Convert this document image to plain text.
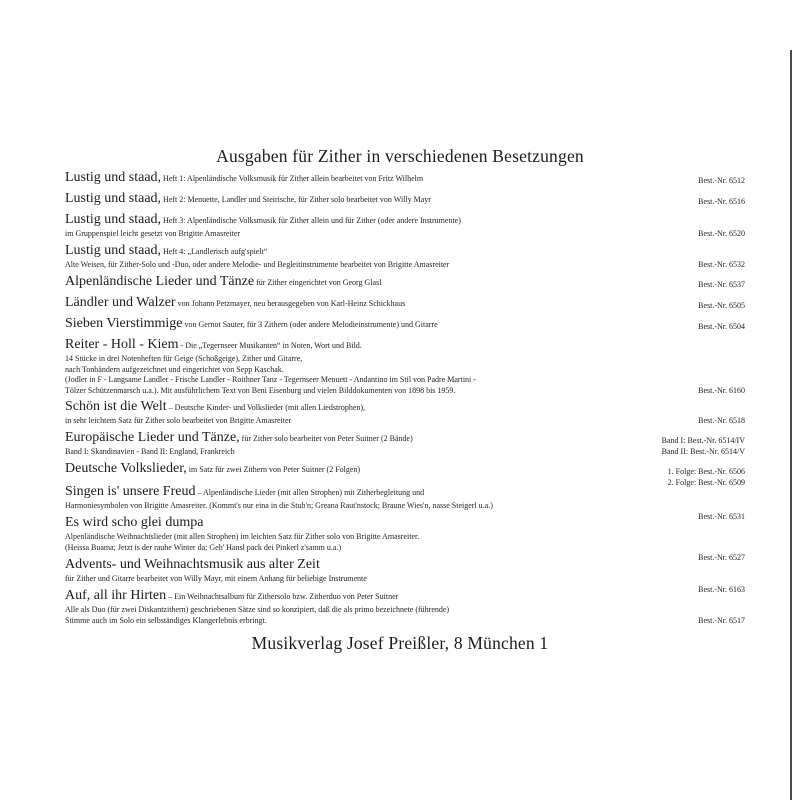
Ausgaben für Zither in verschiedenen Besetzungen
Lustig und staad, Heft 1: Alpenländische Volksmusik für Zither allein bearbeitet von Fritz Wilhelm	Best.-Nr. 6512
Lustig und staad, Heft 2: Menuette, Landler und Steirische, für Zither solo bearbeitet von Willy Mayr	Best.-Nr. 6516
Lustig und staad, Heft 3: Alpenländische Volksmusik für Zither allein und für Zither (oder andere Instrumente)
im Gruppenspiel leicht gesetzt von Brigitte Amasreiter	Best.-Nr. 6520
Lustig und staad, Heft 4: „Landlerisch aufg'spielt“
Alte Weisen, für Zither-Solo und -Duo, oder andere Melodie- und Begleitinstrumente bearbeitet von Brigitte Amasreiter	Best.-Nr. 6532
Alpenländische Lieder und Tänze für Zither eingerichtet von Georg Glasl	Best.-Nr. 6537
Ländler und Walzer von Johann Petzmayer, neu herausgegeben von Karl-Heinz Schickhaus	Best.-Nr. 6505
Sieben Vierstimmige von Gernot Sauter, für 3 Zithern (oder andere Melodieinstrumente) und Gitarre	Best.-Nr. 6504
Reiter - Holl - Kiem - Die „Tegernseer Musikanten“ in Noten, Wort und Bild.
14 Stücke in drei Notenheften für Geige (Schoßgeige), Zither und Gitarre,
nach Tonbändern aufgezeichnet und eingerichtet von Sepp Kaschak.
(Jodler in F - Langsame Landler - Frische Landler - Roithner Tanz - Tegernseer Menuett - Andantino im Stil von Padre Martini -
Tölzer Schützenmarsch u.a.). Mit ausführlichem Text von Beni Eisenburg und vielen Bilddokumenten von 1898 bis 1959.	Best.-Nr. 6160
Schön ist die Welt – Deutsche Kinder- und Volkslieder (mit allen Liedstrophen),
in sehr leichtem Satz für Zither solo bearbeitet von Brigitte Amasreiter	Best.-Nr. 6518
Europäische Lieder und Tänze, für Zither solo bearbeitet von Peter Suitner (2 Bände)	Band I: Best.-Nr. 6514/IV
Band I: Skandinavien - Band II: England, Frankreich	Band II: Best.-Nr. 6514/V
Deutsche Volkslieder, im Satz für zwei Zithern von Peter Suitner (2 Folgen)	1. Folge: Best.-Nr. 6506
2. Folge: Best.-Nr. 6509

Singen is' unsere Freud – Alpenländische Lieder (mit allen Strophen) mit Zitherbegleitung und
Harmoniesymbolen von Brigitte Amasreiter. (Kommt's nur eina in die Stub'n; Greana Raut'nstock; Braune Wies'n, nasse Steigerl u.a.)
Best.-Nr. 6531

Es wird scho glei dumpa
Alpenländische Weihnachtslieder (mit allen Strophen) im leichten Satz für Zither solo von Brigitte Amasreiter.
(Heissa Buama; Jetzt is der rauhe Winter da; Geh' Hansl pack dei Pinkerl z'samm u.a.)
Best.-Nr. 6527

Advents- und Weihnachtsmusik aus alter Zeit
für Zither und Gitarre bearbeitet von Willy Mayr, mit einem Anhang für beliebige Instrumente
Best.-Nr. 6163

Auf, all ihr Hirten – Ein Weihnachtsalbum für Zithersolo bzw. Zitherduo von Peter Suitner
Alle als Duo (für zwei Diskantzithern) geschriebenen Sätze sind so konzipiert, daß die als primo bezeichnete (führende)
Stimme auch im Solo ein selbständiges Klangerlebnis erbringt.	Best.-Nr. 6517
Musikverlag Josef Preißler, 8 München 1
